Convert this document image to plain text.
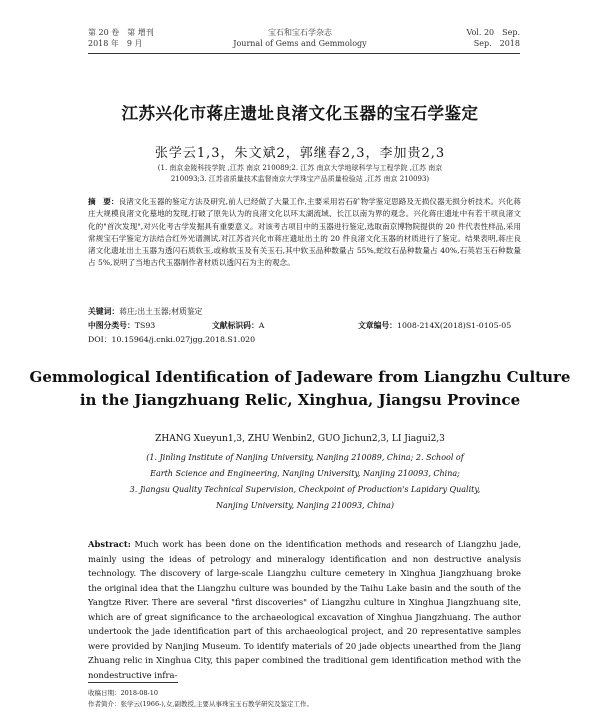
第 20 卷　第 增刊
2018 年　9 月
宝石和宝石学杂志
Journal of Gems and Gemmology
Vol. 20　Sep.
Sep.　2018
江苏兴化市蒋庄遗址良渚文化玉器的宝石学鉴定
张学云1,3，朱文斌2，郭继春2,3，李加贵2,3
(1. 南京金陵科技学院 ,江苏 南京 210089;2. 江苏 南京大学地球科学与工程学院 ,江苏 南京
210093;3. 江苏省质量技术监督南京大学珠宝产品质量检验站 ,江苏 南京 210093)
摘　要：良渚文化玉器的鉴定方法及研究,前人已经做了大量工作,主要采用岩石矿物学鉴定思路及无损仪器无损分析技术。兴化蒋庄大规模良渚文化墓地的发现,打破了原先认为的良渚文化以环太湖流域、长江以南为界的观念。兴化蒋庄遗址中有若干项良渚文化的"首次发现",对兴化考古学发掘具有重要意义。对该考古项目中的玉器进行鉴定,选取南京博物院提供的 20 件代表性样品,采用常规宝石学鉴定方法结合红外光谱测试,对江苏省兴化市蒋庄遗址出土的 20 件良渚文化玉器的材质进行了鉴定。结果表明,蒋庄良渚文化遗址出土玉器为透闪石质软玉,或称软玉及有关玉石,其中软玉品种数量占 55%,蛇纹石品种数量占 40%,石英岩玉石种数量占 5%,说明了当地古代玉器制作者材质以透闪石为主的观念。
关键词：蒋庄;出土玉器;材质鉴定
中图分类号：TS93	文献标识码：A	文章编号：1008-214X(2018)S1-0105-05
DOI：10.15964/j.cnki.027jgg.2018.S1.020
Gemmological Identification of Jadeware from Liangzhu Culture
in the Jiangzhuang Relic, Xinghua, Jiangsu Province
ZHANG Xueyun1,3, ZHU Wenbin2, GUO Jichun2,3, LI Jiagui2,3
(1. Jinling Institute of Nanjing University, Nanjing 210089, China; 2. School of
Earth Science and Engineering, Nanjing University, Nanjing 210093, China;
3. Jiangsu Quality Technical Supervision, Checkpoint of Production's Lapidary Quality,
Nanjing University, Nanjing 210093, China)
Abstract: Much work has been done on the identification methods and research of Liangzhu jade, mainly using the ideas of petrology and mineralogy identification and non destructive analysis technology. The discovery of large-scale Liangzhu culture cemetery in Xinghua Jiangzhuang broke the original idea that the Liangzhu culture was bounded by the Taihu Lake basin and the south of the Yangtze River. There are several "first discoveries" of Liangzhu culture in Xinghua Jiangzhuang site, which are of great significance to the archaeological excavation of Xinghua Jiangzhuang. The author undertook the jade identification part of this archaeological project, and 20 representative samples were provided by Nanjing Museum. To identify materials of 20 jade objects unearthed from the Jiang Zhuang relic in Xinghua City, this paper combined the traditional gem identification method with the nondestructive infra-
收稿日期：2018-08-10
作者简介：张学云(1966-),女,副教授,主要从事珠宝玉石教学研究及鉴定工作。
